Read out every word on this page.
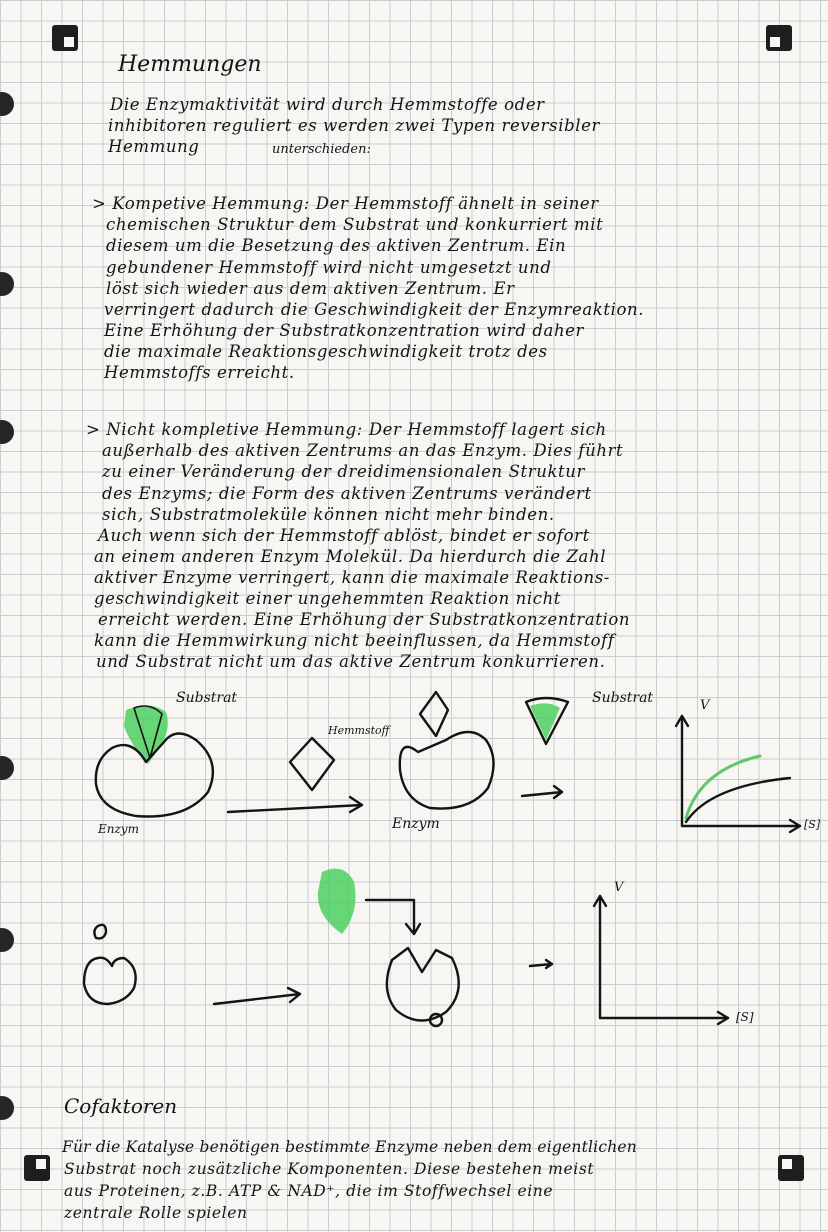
Hemmungen
Die Enzymaktivität wird durch Hemmstoffe oder
inhibitoren reguliert es werden zwei Typen reversibler
Hemmung	unterschieden:
> Kompetive Hemmung: Der Hemmstoff ähnelt in seiner
chemischen Struktur dem Substrat und konkurriert mit
diesem um die Besetzung des aktiven Zentrum. Ein
gebundener Hemmstoff wird nicht umgesetzt und
löst sich wieder aus dem aktiven Zentrum. Er
verringert dadurch die Geschwindigkeit der Enzymreaktion.
Eine Erhöhung der Substratkonzentration wird daher
die maximale Reaktionsgeschwindigkeit trotz des
Hemmstoffs erreicht.
> Nicht kompletive Hemmung: Der Hemmstoff lagert sich
außerhalb des aktiven Zentrums an das Enzym. Dies führt
zu einer Veränderung der dreidimensionalen Struktur
des Enzyms; die Form des aktiven Zentrums verändert
sich, Substratmoleküle können nicht mehr binden.
Auch wenn sich der Hemmstoff ablöst, bindet er sofort
an einem anderen Enzym Molekül. Da hierdurch die Zahl
aktiver Enzyme verringert, kann die maximale Reaktions-
geschwindigkeit einer ungehemmten Reaktion nicht
erreicht werden. Eine Erhöhung der Substratkonzentration
kann die Hemmwirkung nicht beeinflussen, da Hemmstoff
und Substrat nicht um das aktive Zentrum konkurrieren.
Substrat
Hemmstoff
Enzym	Enzym
Substrat	V
[S]
V
[S]
Cofaktoren
Für die Katalyse benötigen bestimmte Enzyme neben dem eigentlichen
Substrat noch zusätzliche Komponenten. Diese bestehen meist
aus Proteinen, z.B. ATP & NAD⁺, die im Stoffwechsel eine
zentrale Rolle spielen
